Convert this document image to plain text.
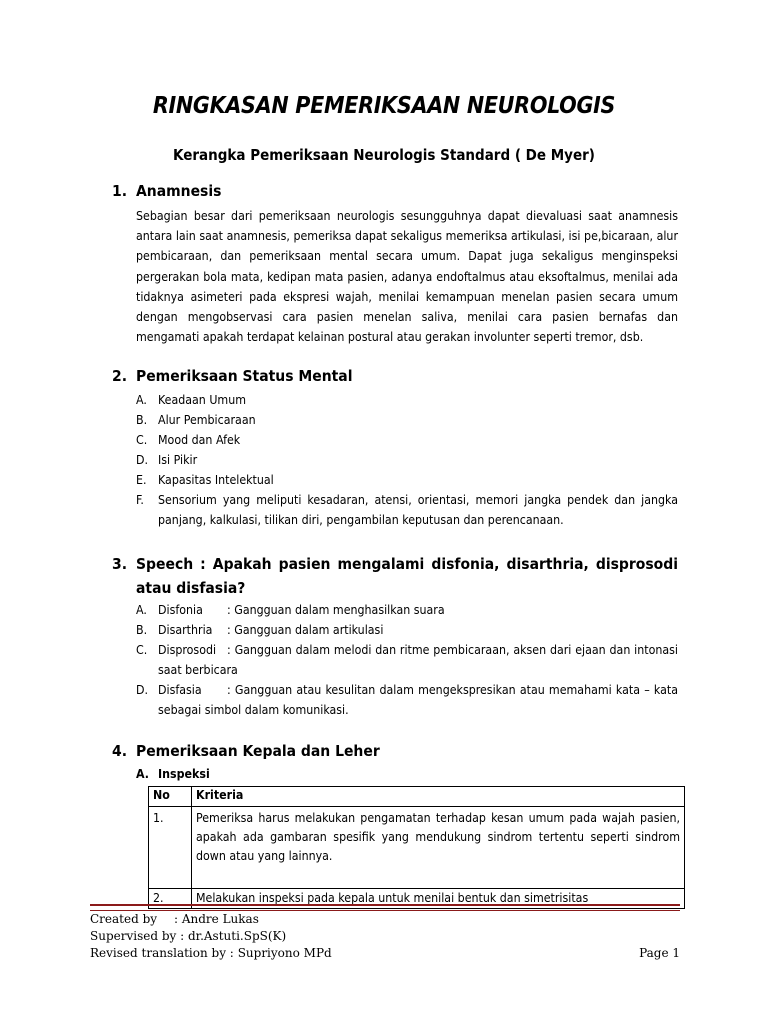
RINGKASAN PEMERIKSAAN NEUROLOGIS
Kerangka Pemeriksaan Neurologis Standard ( De Myer)
1. Anamnesis

Sebagian besar dari pemeriksaan neurologis sesungguhnya dapat dievaluasi saat anamnesis antara lain saat anamnesis, pemeriksa dapat sekaligus memeriksa artikulasi, isi pe,bicaraan, alur pembicaraan, dan pemeriksaan mental secara umum. Dapat juga sekaligus menginspeksi pergerakan bola mata, kedipan mata pasien, adanya endoftalmus atau eksoftalmus, menilai ada tidaknya asimeteri pada ekspresi wajah, menilai kemampuan menelan pasien secara umum dengan mengobservasi cara pasien menelan saliva, menilai cara pasien bernafas dan mengamati apakah terdapat kelainan postural atau gerakan involunter seperti tremor, dsb.

2. Pemeriksaan Status Mental
A. Keadaan Umum
B. Alur Pembicaraan
C. Mood dan Afek
D. Isi Pikir
E. Kapasitas Intelektual
F. Sensorium yang meliputi kesadaran, atensi, orientasi, memori jangka pendek dan jangka panjang, kalkulasi, tilikan diri, pengambilan keputusan dan perencanaan.
3. Speech : Apakah pasien mengalami disfonia, disarthria, disprosodi atau disfasia?
A. Disfonia : Gangguan dalam menghasilkan suara
B. Disarthria : Gangguan dalam artikulasi
C. Disprosodi : Gangguan dalam melodi dan ritme pembicaraan, aksen dari ejaan dan intonasi saat berbicara
D. Disfasia : Gangguan atau kesulitan dalam mengekspresikan atau memahami kata – kata sebagai simbol dalam komunikasi.
4. Pemeriksaan Kepala dan Leher
A. Inspeksi
No	Kriteria
1.	Pemeriksa harus melakukan pengamatan terhadap kesan umum pada wajah pasien, apakah ada gambaran spesifik yang mendukung sindrom tertentu seperti sindrom down atau yang lainnya.
2.	Melakukan inspeksi pada kepala untuk menilai bentuk dan simetrisitas
Created by : Andre Lukas
Supervised by : dr.Astuti.SpS(K)
Revised translation by : Supriyono MPd	Page 1
